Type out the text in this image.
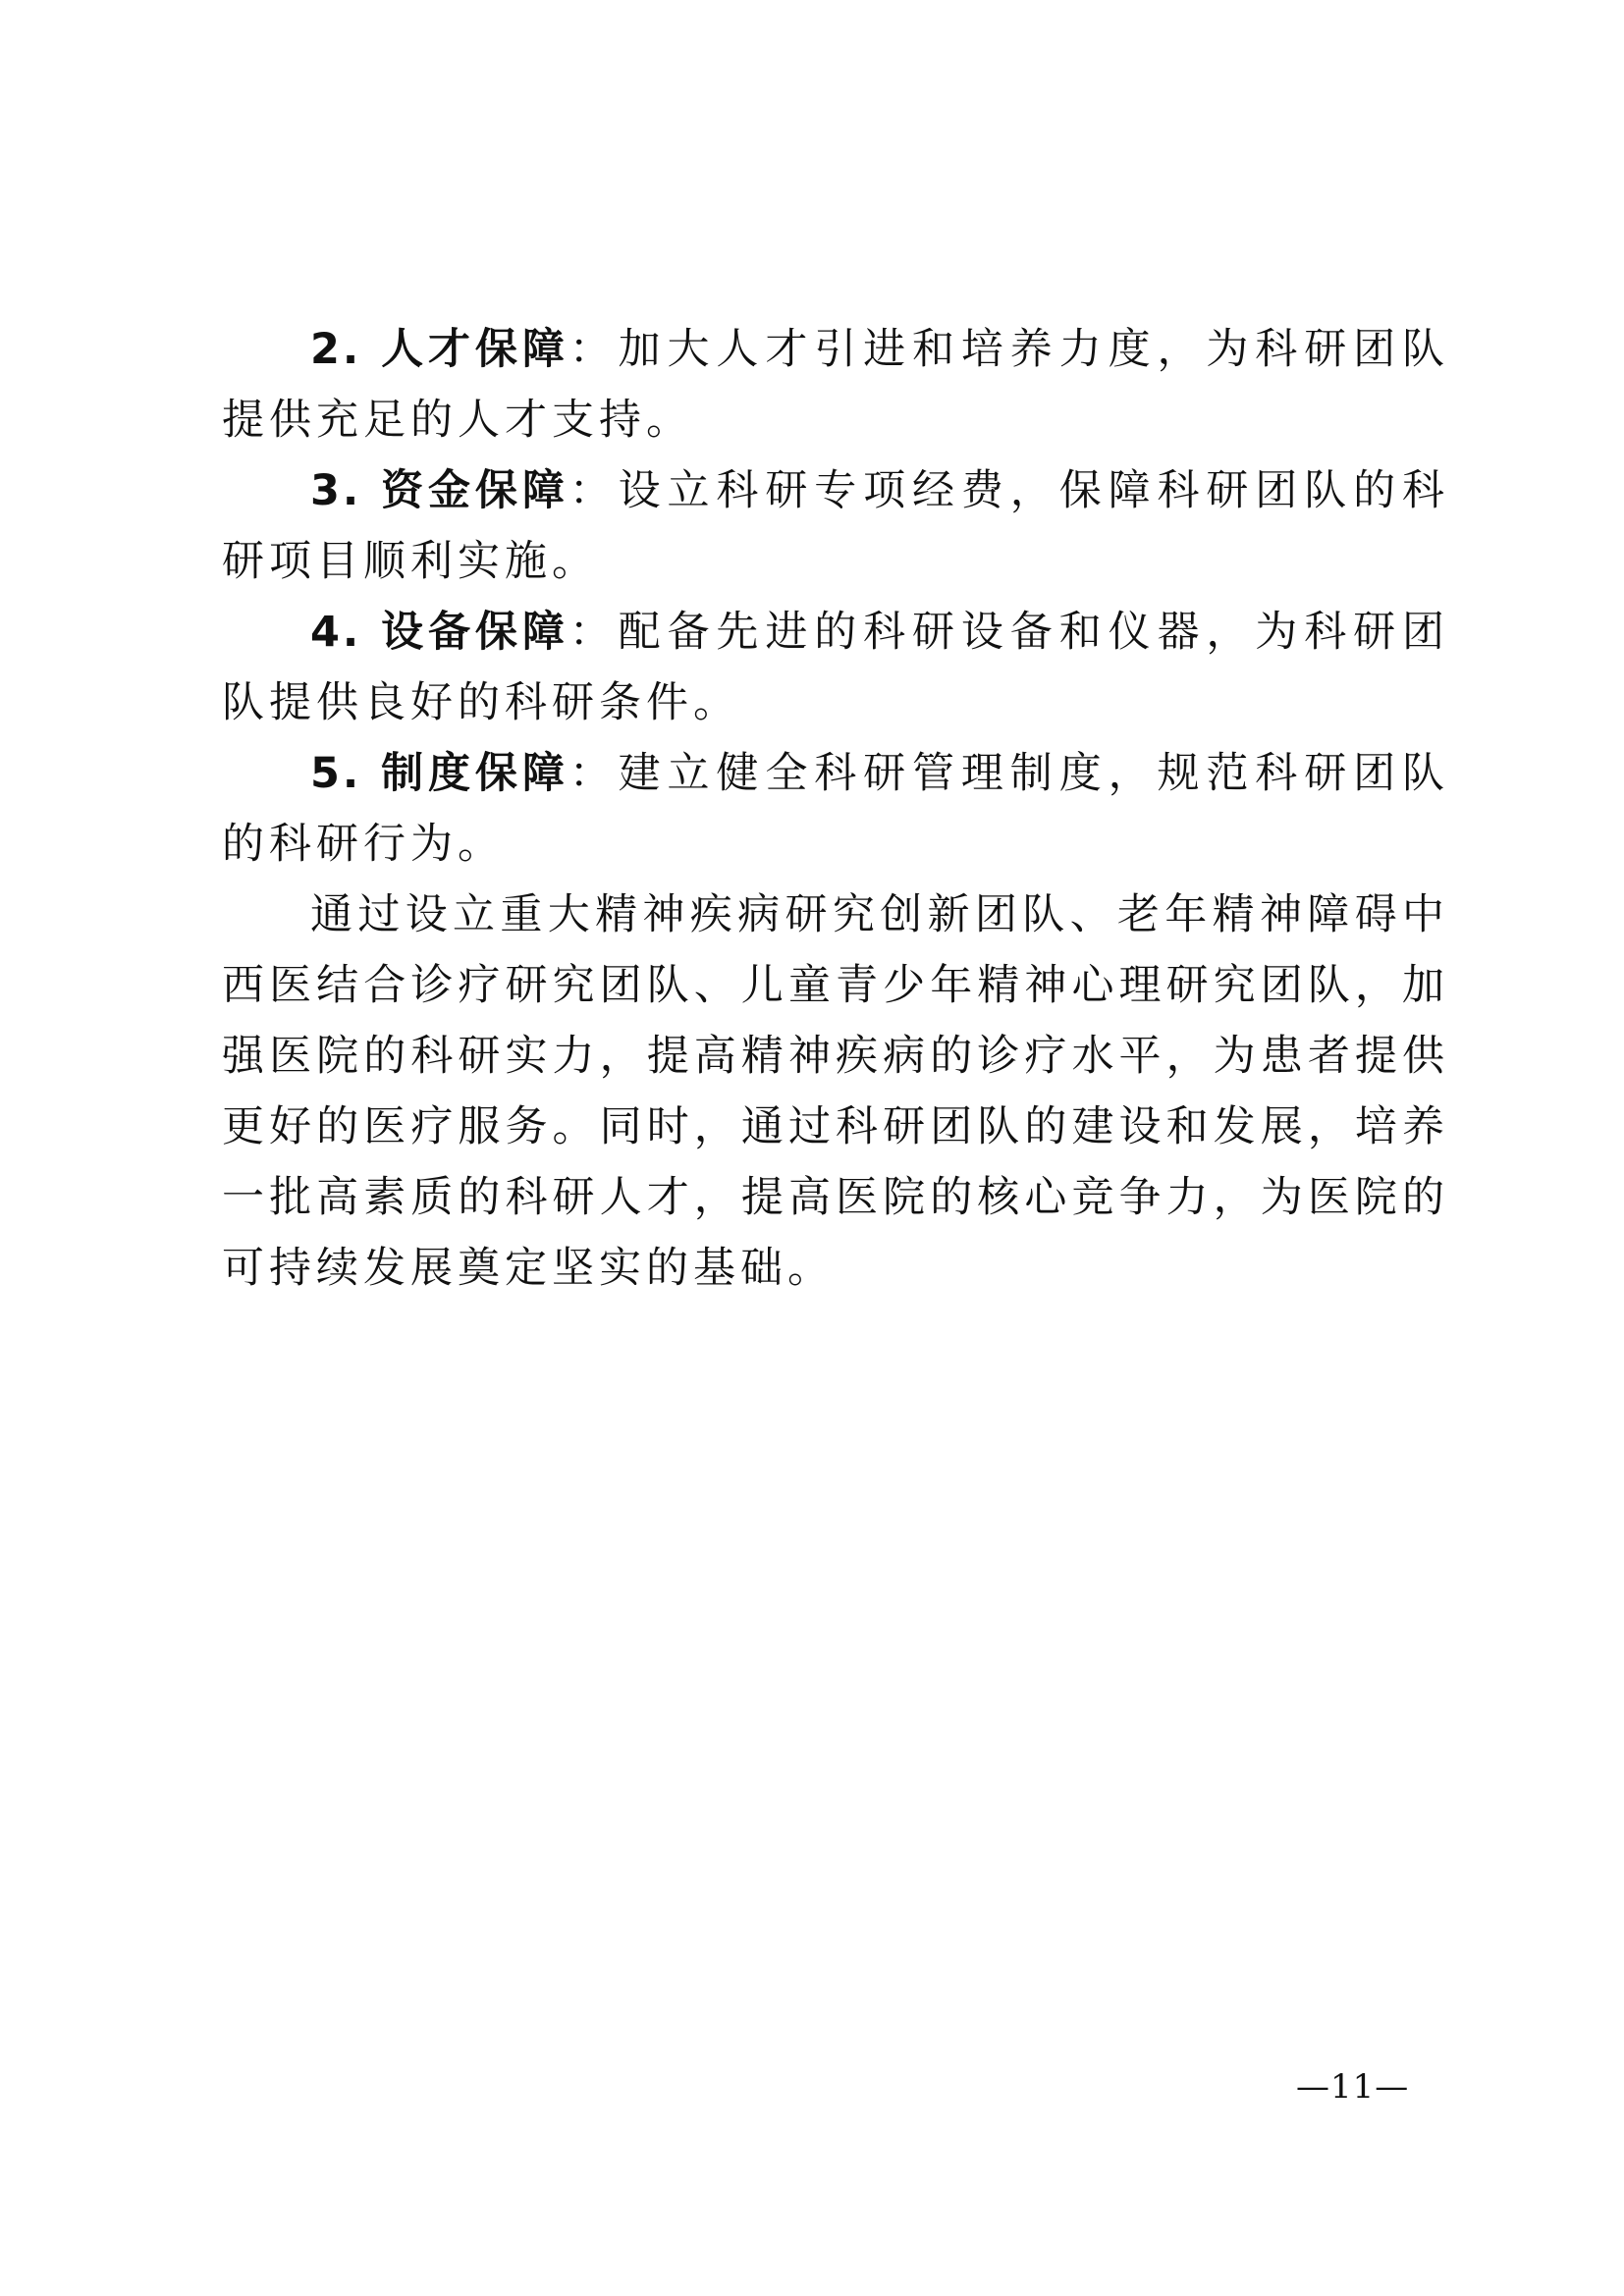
2. 人才保障：加大人才引进和培养力度，为科研团队提供充足的人才支持。

3. 资金保障：设立科研专项经费，保障科研团队的科研项目顺利实施。

4. 设备保障：配备先进的科研设备和仪器，为科研团队提供良好的科研条件。

5. 制度保障：建立健全科研管理制度，规范科研团队的科研行为。

通过设立重大精神疾病研究创新团队、老年精神障碍中西医结合诊疗研究团队、儿童青少年精神心理研究团队，加强医院的科研实力，提高精神疾病的诊疗水平，为患者提供更好的医疗服务。同时，通过科研团队的建设和发展，培养一批高素质的科研人才，提高医院的核心竞争力，为医院的可持续发展奠定坚实的基础。

—11—
